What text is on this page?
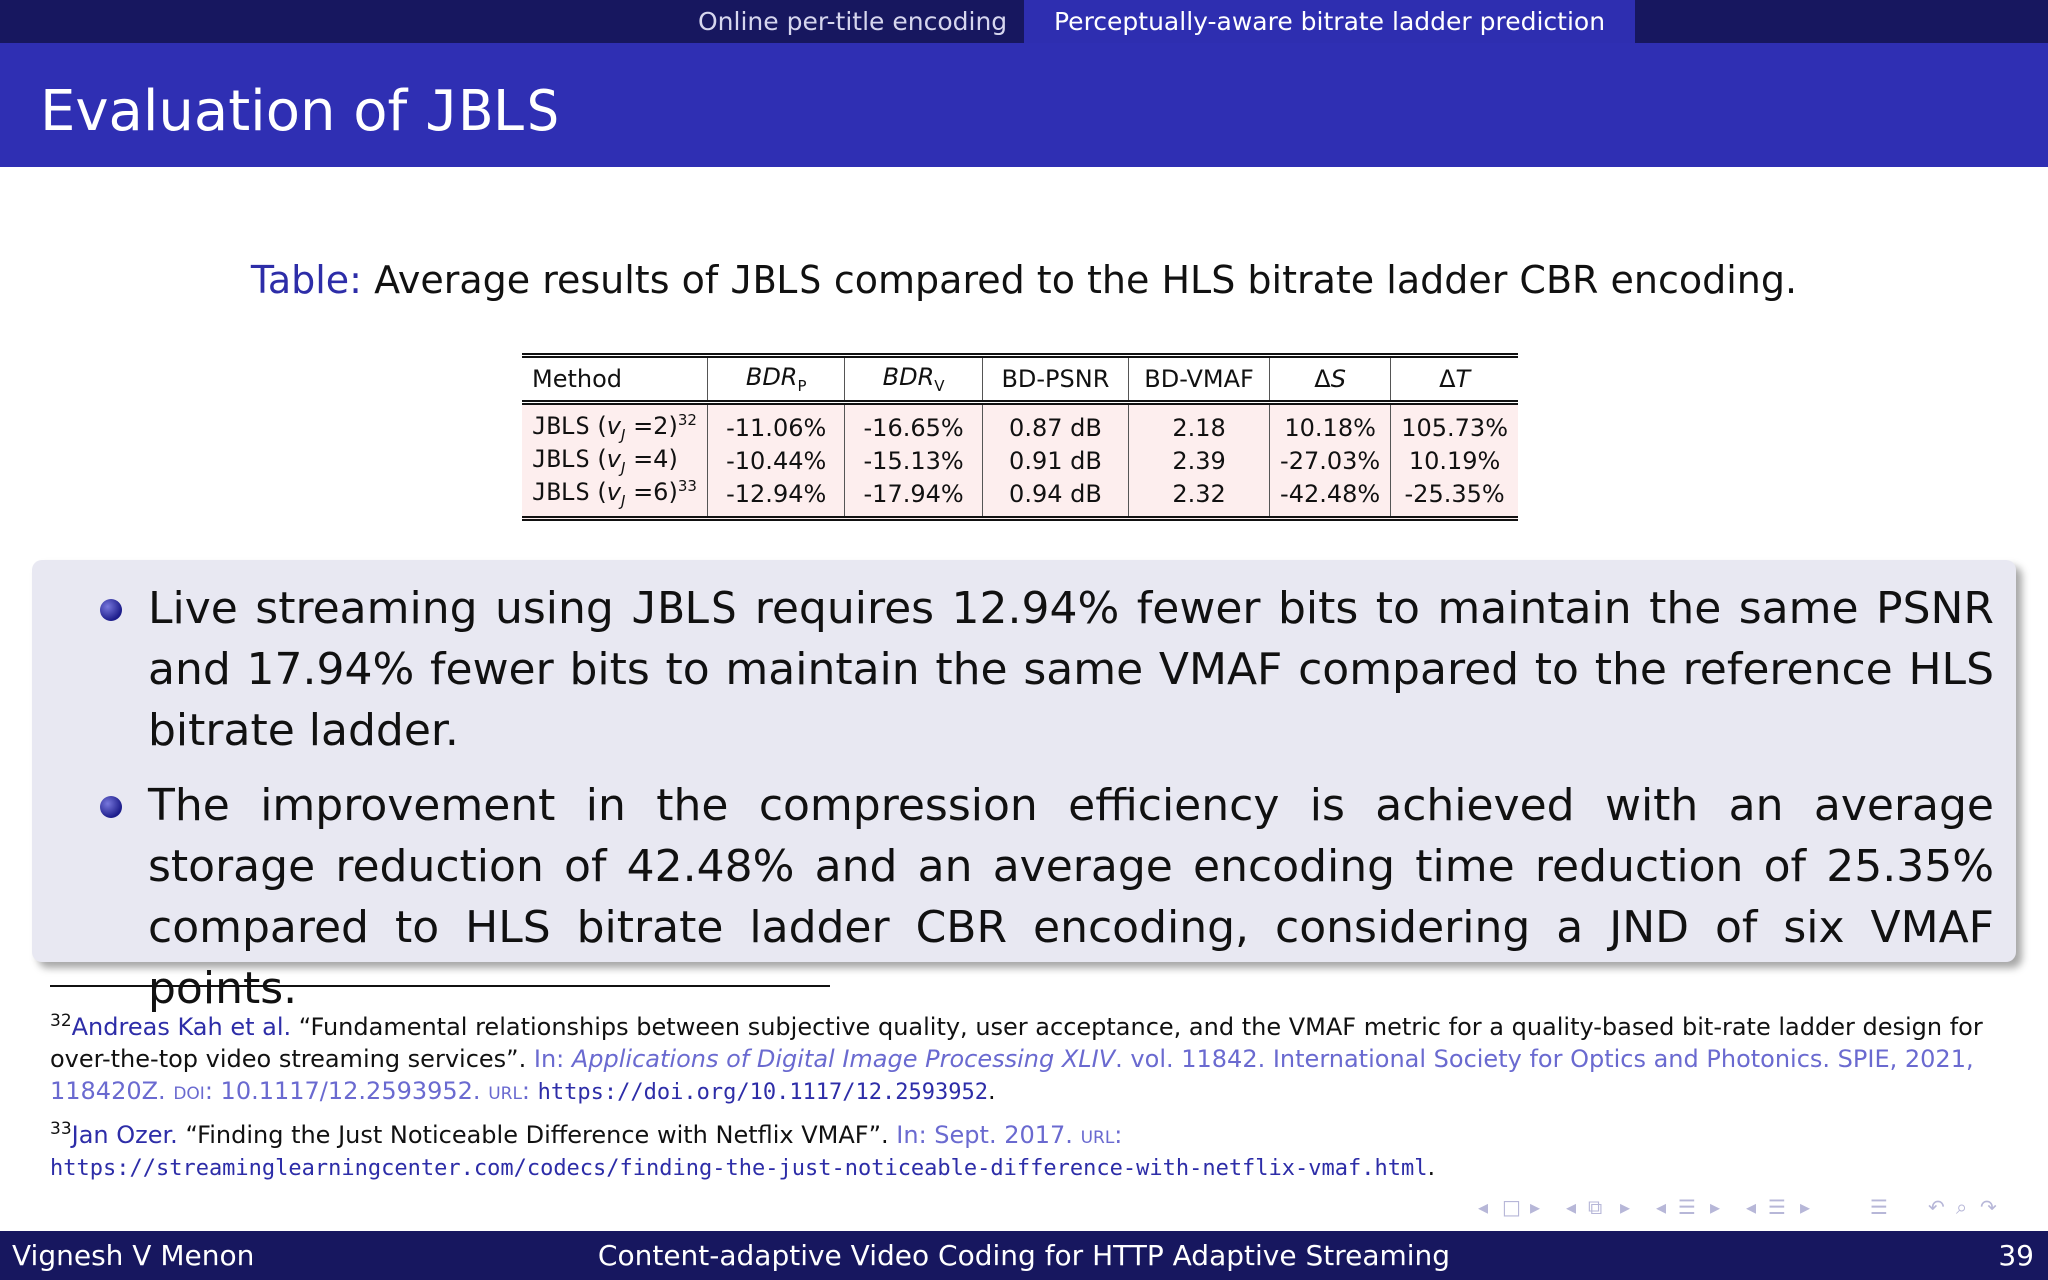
Online per-title encoding	Perceptually-aware bitrate ladder prediction
Evaluation of JBLS
Table: Average results of JBLS compared to the HLS bitrate ladder CBR encoding.
Method	$BDR_P$	$BDR_V$	BD-PSNR	BD-VMAF	ΔS	ΔT
JBLS $(v_J =2)^{32}$	-11.06%	-16.65%	0.87 dB	2.18	10.18%	105.73%
JBLS $(v_J =4)$	-10.44%	-15.13%	0.91 dB	2.39	-27.03%	10.19%
JBLS $(v_J =6)^{33}$	-12.94%	-17.94%	0.94 dB	2.32	-42.48%	-25.35%
Live streaming using JBLS requires 12.94% fewer bits to maintain the same PSNR and 17.94% fewer bits to maintain the same VMAF compared to the reference HLS bitrate ladder.
The improvement in the compression efficiency is achieved with an average storage reduction of 42.48% and an average encoding time reduction of 25.35% compared to HLS bitrate ladder CBR encoding, considering a JND of six VMAF points.
$^{32}$Andreas Kah et al. “Fundamental relationships between subjective quality, user acceptance, and the VMAF metric for a quality-based bit-rate ladder design for over-the-top video streaming services”. In: Applications of Digital Image Processing XLIV. vol. 11842. International Society for Optics and Photonics. SPIE, 2021, 118420Z. doi: 10.1117/12.2593952. url: https://doi.org/10.1117/12.2593952.
$^{33}$Jan Ozer. “Finding the Just Noticeable Difference with Netflix VMAF”. In: Sept. 2017. url:
https://streaminglearningcenter.com/codecs/finding-the-just-noticeable-difference-with-netflix-vmaf.html.
◂ □ ▸ ◂ ⧉ ▸ ◂ ☰ ▸ ◂ ☰ ▸	☰ ↶ ⌕ ↷
Content-adaptive Video Coding for HTTP Adaptive Streaming
Vignesh V Menon	39
